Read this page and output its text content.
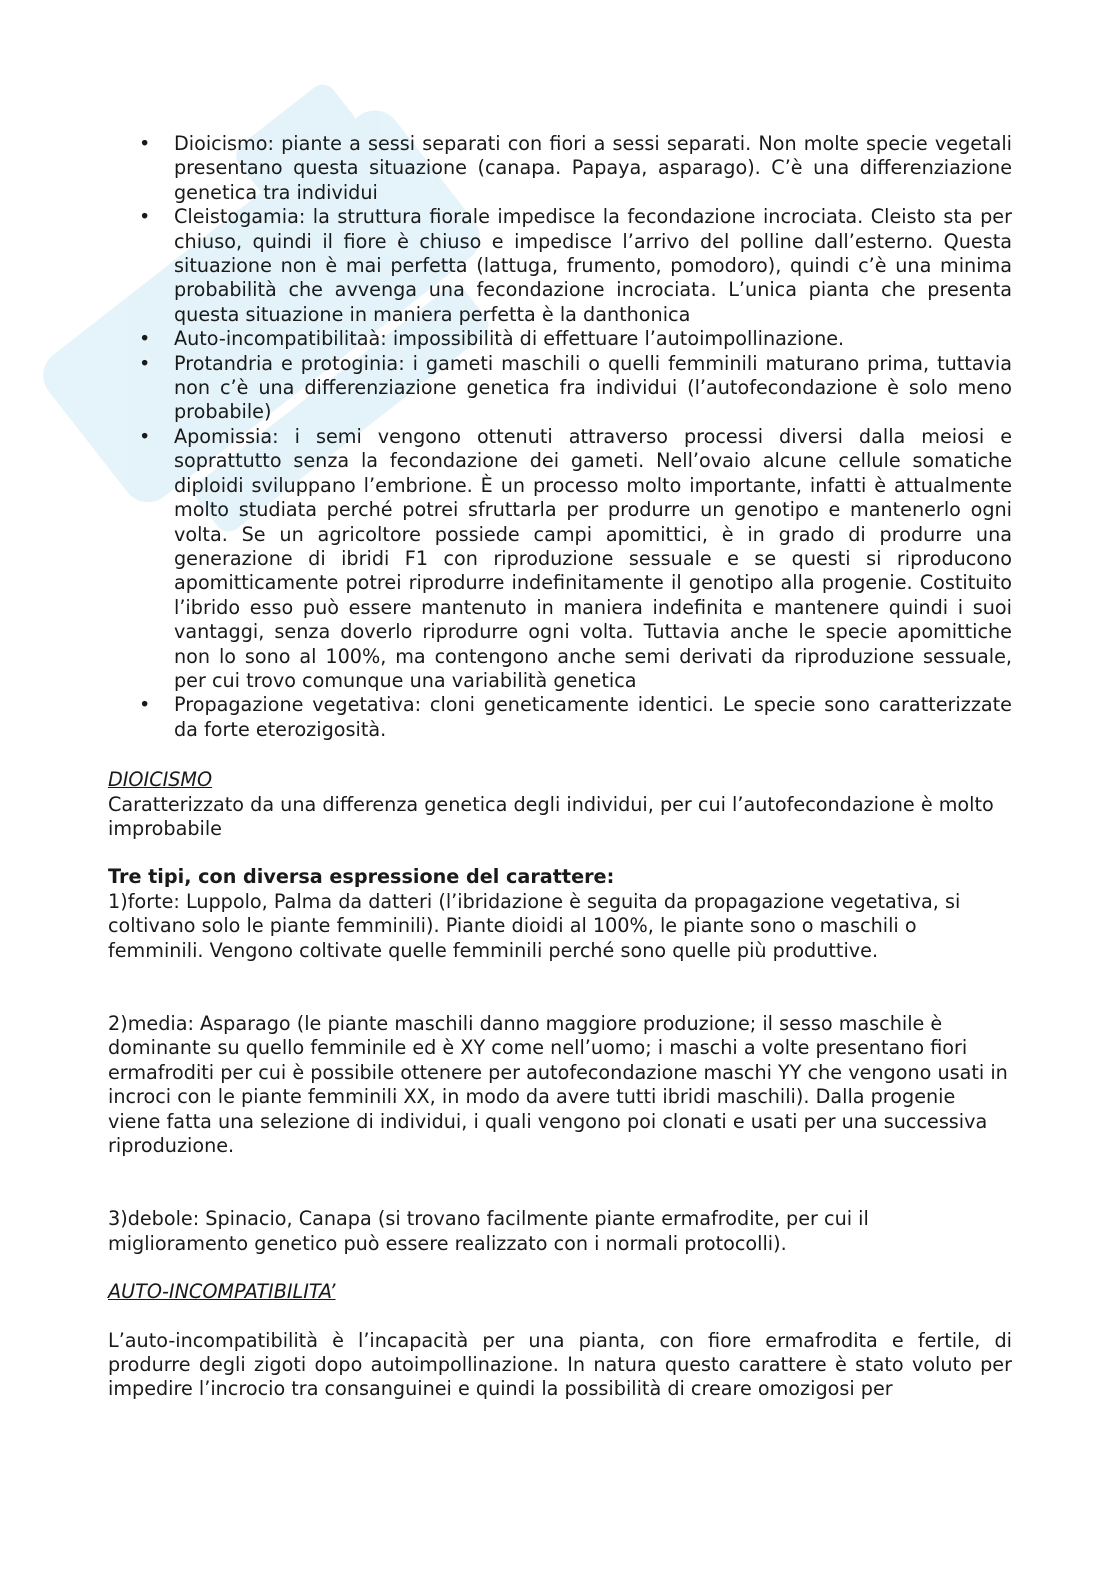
• Dioicismo: piante a sessi separati con fiori a sessi separati. Non molte specie vegetali presentano questa situazione (canapa. Papaya, asparago). C’è una differenziazione genetica tra individui
• Cleistogamia: la struttura fiorale impedisce la fecondazione incrociata. Cleisto sta per chiuso, quindi il fiore è chiuso e impedisce l’arrivo del polline dall’esterno. Questa situazione non è mai perfetta (lattuga, frumento, pomodoro), quindi c’è una minima probabilità che avvenga una fecondazione incrociata. L’unica pianta che presenta questa situazione in maniera perfetta è la danthonica
• Auto-incompatibilitaà: impossibilità di effettuare l’autoimpollinazione.
• Protandria e protoginia: i gameti maschili o quelli femminili maturano prima, tuttavia non c’è una differenziazione genetica fra individui (l’autofecondazione è solo meno probabile)
• Apomissia: i semi vengono ottenuti attraverso processi diversi dalla meiosi e soprattutto senza la fecondazione dei gameti. Nell’ovaio alcune cellule somatiche diploidi sviluppano l’embrione. È un processo molto importante, infatti è attualmente molto studiata perché potrei sfruttarla per produrre un genotipo e mantenerlo ogni volta. Se un agricoltore possiede campi apomittici, è in grado di produrre una generazione di ibridi F1 con riproduzione sessuale e se questi si riproducono apomitticamente potrei riprodurre indefinitamente il genotipo alla progenie. Costituito l’ibrido esso può essere mantenuto in maniera indefinita e mantenere quindi i suoi vantaggi, senza doverlo riprodurre ogni volta. Tuttavia anche le specie apomittiche non lo sono al 100%, ma contengono anche semi derivati da riproduzione sessuale, per cui trovo comunque una variabilità genetica
• Propagazione vegetativa: cloni geneticamente identici. Le specie sono caratterizzate da forte eterozigosità.

DIOICISMO

Caratterizzato da una differenza genetica degli individui, per cui l’autofecondazione è molto improbabile

Tre tipi, con diversa espressione del carattere:

1)forte: Luppolo, Palma da datteri (l’ibridazione è seguita da propagazione vegetativa, si coltivano solo le piante femminili). Piante dioidi al 100%, le piante sono o maschili o femminili. Vengono coltivate quelle femminili perché sono quelle più produttive.

2)media: Asparago (le piante maschili danno maggiore produzione; il sesso maschile è dominante su quello femminile ed è XY come nell’uomo; i maschi a volte presentano fiori ermafroditi per cui è possibile ottenere per autofecondazione maschi YY che vengono usati in incroci con le piante femminili XX, in modo da avere tutti ibridi maschili). Dalla progenie viene fatta una selezione di individui, i quali vengono poi clonati e usati per una successiva riproduzione.

3)debole: Spinacio, Canapa (si trovano facilmente piante ermafrodite, per cui il miglioramento genetico può essere realizzato con i normali protocolli).

AUTO-INCOMPATIBILITA’

L’auto-incompatibilità è l’incapacità per una pianta, con fiore ermafrodita e fertile, di produrre degli zigoti dopo autoimpollinazione. In natura questo carattere è stato voluto per impedire l’incrocio tra consanguinei e quindi la possibilità di creare omozigosi per
